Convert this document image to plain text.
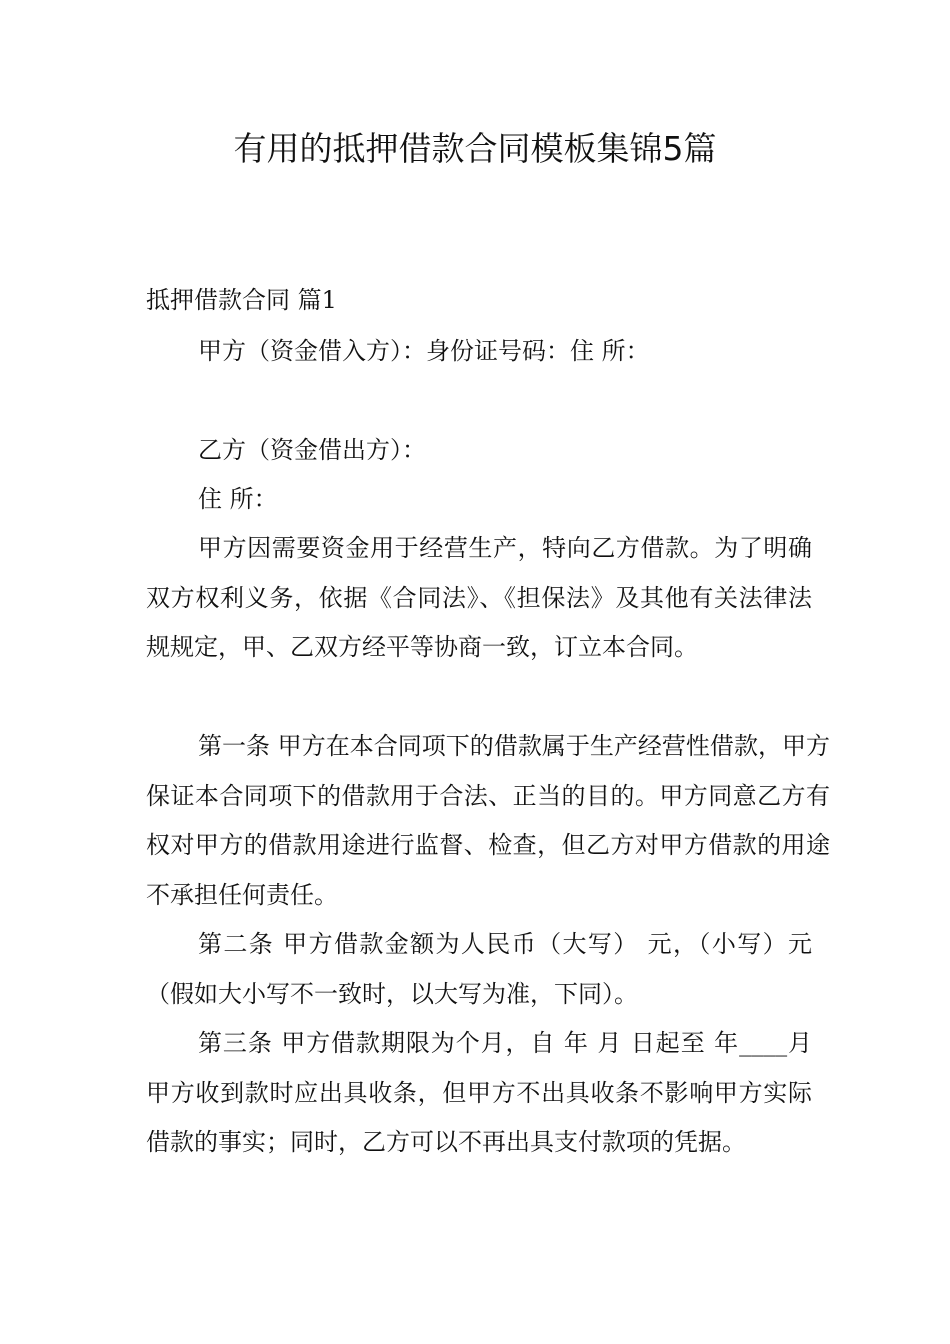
有用的抵押借款合同模板集锦5篇

抵押借款合同 篇1

甲方（资金借入方）：身份证号码：住 所：

乙方（资金借出方）：

住 所：

甲方因需要资金用于经营生产，特向乙方借款。为了明确双方权利义务，依据《合同法》、《担保法》及其他有关法律法规规定，甲、乙双方经平等协商一致，订立本合同。

第一条 甲方在本合同项下的借款属于生产经营性借款，甲方保证本合同项下的借款用于合法、正当的目的。甲方同意乙方有权对甲方的借款用途进行监督、检查，但乙方对甲方借款的用途不承担任何责任。

第二条 甲方借款金额为人民币（大写） 元，（小写）元（假如大小写不一致时，以大写为准，下同）。

第三条 甲方借款期限为个月，自 年 月 日起至 年____月甲方收到款时应出具收条，但甲方不出具收条不影响甲方实际借款的事实；同时，乙方可以不再出具支付款项的凭据。
